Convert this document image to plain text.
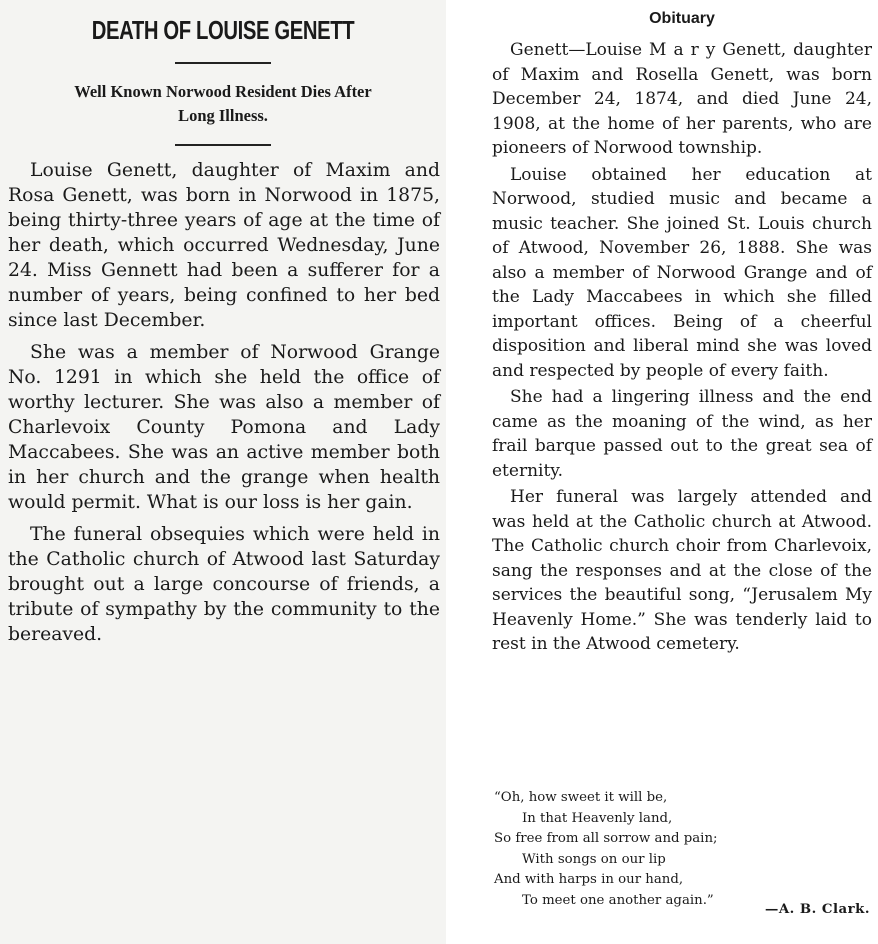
DEATH OF LOUISE GENETT
Well Known Norwood Resident Dies After
Long Illness.

Louise Genett, daughter of Maxim and Rosa Genett, was born in Norwood in 1875, being thirty-three years of age at the time of her death, which occurred Wednesday, June 24. Miss Gennett had been a sufferer for a number of years, being confined to her bed since last December.

She was a member of Norwood Grange No. 1291 in which she held the office of worthy lecturer. She was also a member of Charlevoix County Pomona and Lady Maccabees. She was an active member both in her church and the grange when health would permit. What is our loss is her gain.

The funeral obsequies which were held in the Catholic church of Atwood last Saturday brought out a large concourse of friends, a tribute of sympathy by the community to the bereaved.

Obituary

Genett—Louise M a r y Genett, daughter of Maxim and Rosella Genett, was born December 24, 1874, and died June 24, 1908, at the home of her parents, who are pioneers of Norwood township.

Louise obtained her education at Norwood, studied music and became a music teacher. She joined St. Louis church of Atwood, November 26, 1888. She was also a member of Norwood Grange and of the Lady Maccabees in which she filled important offices. Being of a cheerful disposition and liberal mind she was loved and respected by people of every faith.

She had a lingering illness and the end came as the moaning of the wind, as her frail barque passed out to the great sea of eternity.

Her funeral was largely attended and was held at the Catholic church at Atwood. The Catholic church choir from Charlevoix, sang the responses and at the close of the services the beautiful song, “Jerusalem My Heavenly Home.” She was tenderly laid to rest in the Atwood cemetery.

“Oh, how sweet it will be,
In that Heavenly land,
So free from all sorrow and pain;
With songs on our lip
And with harps in our hand,
To meet one another again.”
—A. B. Clark.
